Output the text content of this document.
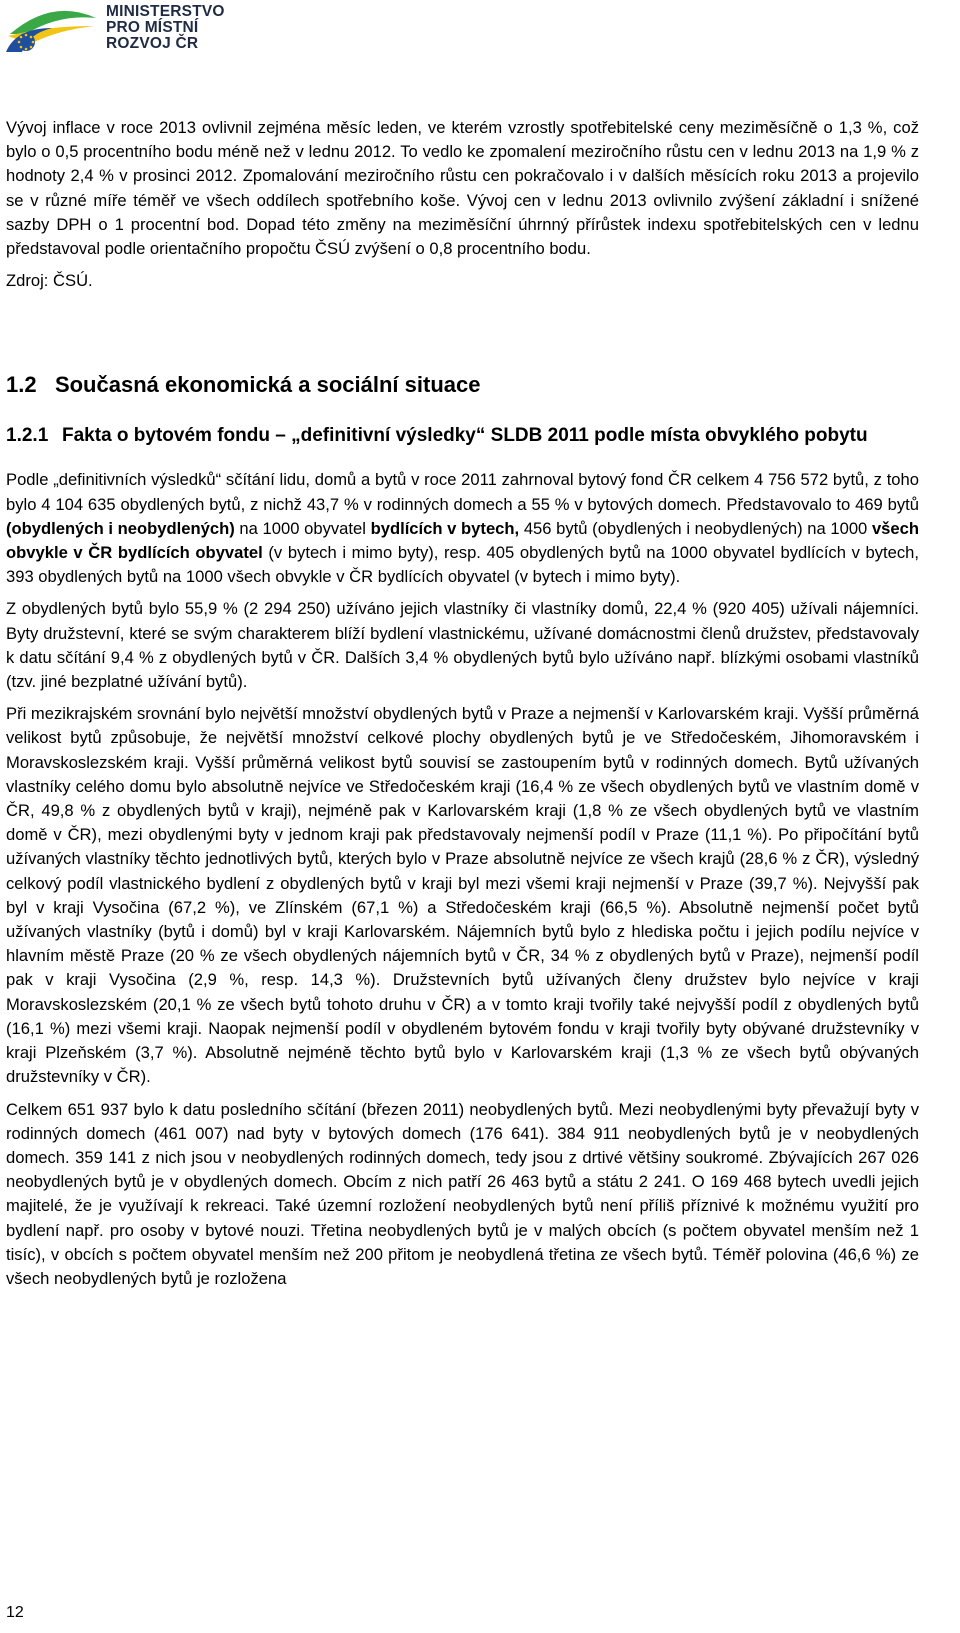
MINISTERSTVO
PRO MÍSTNÍ
ROZVOJ ČR

Vývoj inflace v roce 2013 ovlivnil zejména měsíc leden, ve kterém vzrostly spotřebitelské ceny meziměsíčně o 1,3 %, což bylo o 0,5 procentního bodu méně než v lednu 2012. To vedlo ke zpomalení meziročního růstu cen v lednu 2013 na 1,9 % z hodnoty 2,4 % v prosinci 2012. Zpomalování meziročního růstu cen pokračovalo i v dalších měsících roku 2013 a projevilo se v různé míře téměř ve všech oddílech spotřebního koše. Vývoj cen v lednu 2013 ovlivnilo zvýšení základní i snížené sazby DPH o 1 procentní bod. Dopad této změny na meziměsíční úhrnný přírůstek indexu spotřebitelských cen v lednu představoval podle orientačního propočtu ČSÚ zvýšení o 0,8 procentního bodu.

Zdroj: ČSÚ.

1.2 Současná ekonomická a sociální situace
1.2.1 Fakta o bytovém fondu – „definitivní výsledky“ SLDB 2011 podle místa obvyklého pobytu

Podle „definitivních výsledků“ sčítání lidu, domů a bytů v roce 2011 zahrnoval bytový fond ČR celkem 4 756 572 bytů, z toho bylo 4 104 635 obydlených bytů, z nichž 43,7 % v rodinných domech a 55 % v bytových domech. Představovalo to 469 bytů (obydlených i neobydlených) na 1000 obyvatel bydlících v bytech, 456 bytů (obydlených i neobydlených) na 1000 všech obvykle v ČR bydlících obyvatel (v bytech i mimo byty), resp. 405 obydlených bytů na 1000 obyvatel bydlících v bytech, 393 obydlených bytů na 1000 všech obvykle v ČR bydlících obyvatel (v bytech i mimo byty).

Z obydlených bytů bylo 55,9 % (2 294 250) užíváno jejich vlastníky či vlastníky domů, 22,4 % (920 405) užívali nájemníci. Byty družstevní, které se svým charakterem blíží bydlení vlastnickému, užívané domácnostmi členů družstev, představovaly k datu sčítání 9,4 % z obydlených bytů v ČR. Dalších 3,4 % obydlených bytů bylo užíváno např. blízkými osobami vlastníků (tzv. jiné bezplatné užívání bytů).

Při mezikrajském srovnání bylo největší množství obydlených bytů v Praze a nejmenší v Karlovarském kraji. Vyšší průměrná velikost bytů způsobuje, že největší množství celkové plochy obydlených bytů je ve Středočeském, Jihomoravském i Moravskoslezském kraji. Vyšší průměrná velikost bytů souvisí se zastoupením bytů v rodinných domech. Bytů užívaných vlastníky celého domu bylo absolutně nejvíce ve Středočeském kraji (16,4 % ze všech obydlených bytů ve vlastním domě v ČR, 49,8 % z obydlených bytů v kraji), nejméně pak v Karlovarském kraji (1,8 % ze všech obydlených bytů ve vlastním domě v ČR), mezi obydlenými byty v jednom kraji pak představovaly nejmenší podíl v Praze (11,1 %). Po připočítání bytů užívaných vlastníky těchto jednotlivých bytů, kterých bylo v Praze absolutně nejvíce ze všech krajů (28,6 % z ČR), výsledný celkový podíl vlastnického bydlení z obydlených bytů v kraji byl mezi všemi kraji nejmenší v Praze (39,7 %). Nejvyšší pak byl v kraji Vysočina (67,2 %), ve Zlínském (67,1 %) a Středočeském kraji (66,5 %). Absolutně nejmenší počet bytů užívaných vlastníky (bytů i domů) byl v kraji Karlovarském. Nájemních bytů bylo z hlediska počtu i jejich podílu nejvíce v hlavním městě Praze (20 % ze všech obydlených nájemních bytů v ČR, 34 % z obydlených bytů v Praze), nejmenší podíl pak v kraji Vysočina (2,9 %, resp. 14,3 %). Družstevních bytů užívaných členy družstev bylo nejvíce v kraji Moravskoslezském (20,1 % ze všech bytů tohoto druhu v ČR) a v tomto kraji tvořily také nejvyšší podíl z obydlených bytů (16,1 %) mezi všemi kraji. Naopak nejmenší podíl v obydleném bytovém fondu v kraji tvořily byty obývané družstevníky v kraji Plzeňském (3,7 %). Absolutně nejméně těchto bytů bylo v Karlovarském kraji (1,3 % ze všech bytů obývaných družstevníky v ČR).

Celkem 651 937 bylo k datu posledního sčítání (březen 2011) neobydlených bytů. Mezi neobydlenými byty převažují byty v rodinných domech (461 007) nad byty v bytových domech (176 641). 384 911 neobydlených bytů je v neobydlených domech. 359 141 z nich jsou v neobydlených rodinných domech, tedy jsou z drtivé většiny soukromé. Zbývajících 267 026 neobydlených bytů je v obydlených domech. Obcím z nich patří 26 463 bytů a státu 2 241. O 169 468 bytech uvedli jejich majitelé, že je využívají k rekreaci. Také územní rozložení neobydlených bytů není příliš příznivé k možnému využití pro bydlení např. pro osoby v bytové nouzi. Třetina neobydlených bytů je v malých obcích (s počtem obyvatel menším než 1 tisíc), v obcích s počtem obyvatel menším než 200 přitom je neobydlená třetina ze všech bytů. Téměř polovina (46,6 %) ze všech neobydlených bytů je rozložena

12
